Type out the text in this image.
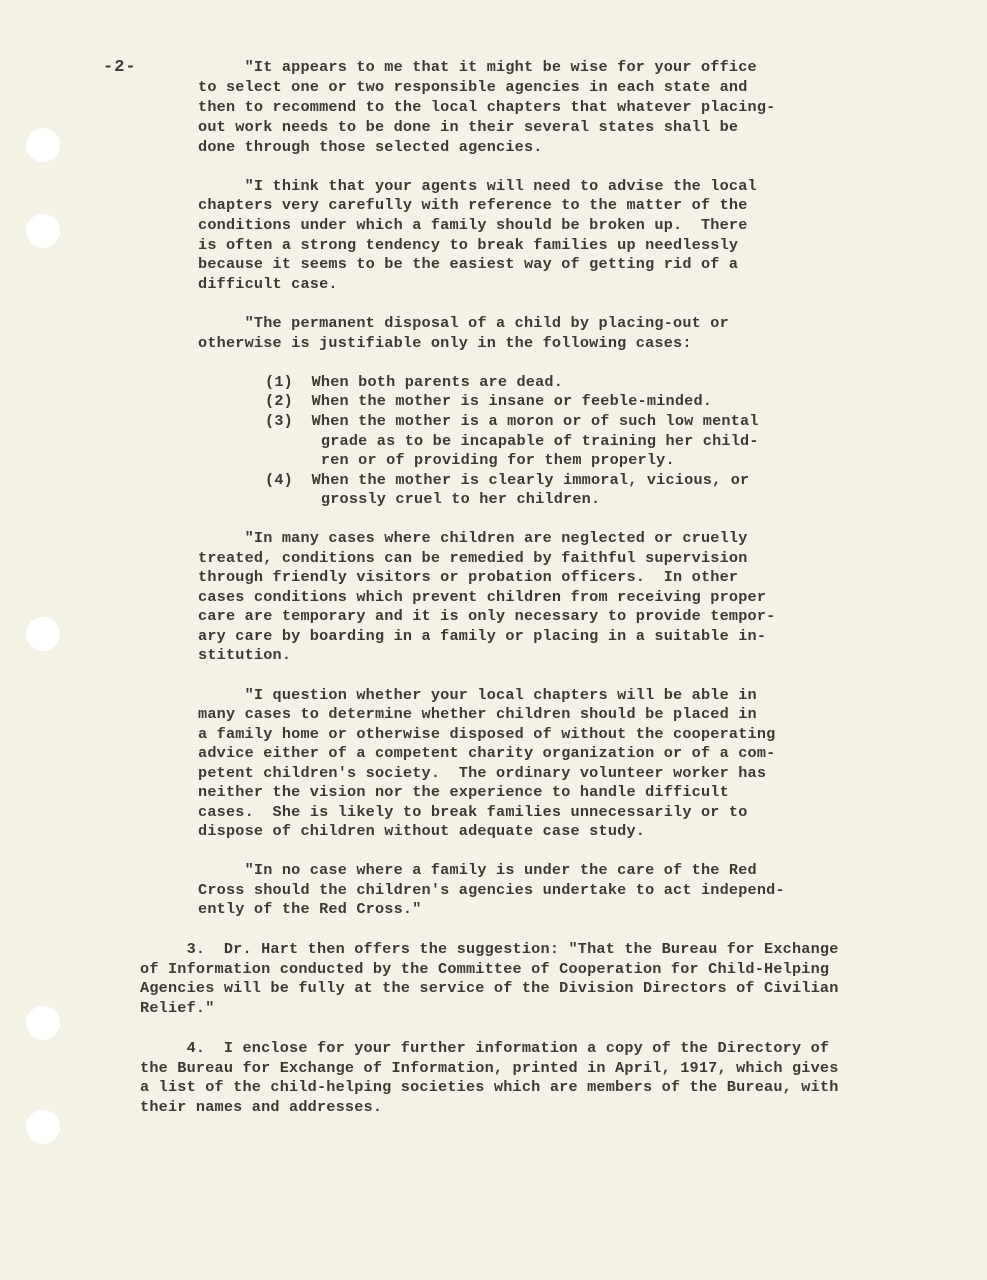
-2-	"It appears to me that it might be wise for your office
to select one or two responsible agencies in each state and
then to recommend to the local chapters that whatever placing-
out work needs to be done in their several states shall be
done through those selected agencies.
"I think that your agents will need to advise the local
chapters very carefully with reference to the matter of the
conditions under which a family should be broken up.  There
is often a strong tendency to break families up needlessly
because it seems to be the easiest way of getting rid of a
difficult case.
"The permanent disposal of a child by placing-out or
otherwise is justifiable only in the following cases:
(1)  When both parents are dead.
(2)  When the mother is insane or feeble-minded.
(3)  When the mother is a moron or of such low mental
grade as to be incapable of training her child-
ren or of providing for them properly.
(4)  When the mother is clearly immoral, vicious, or
grossly cruel to her children.
"In many cases where children are neglected or cruelly
treated, conditions can be remedied by faithful supervision
through friendly visitors or probation officers.  In other
cases conditions which prevent children from receiving proper
care are temporary and it is only necessary to provide tempor-
ary care by boarding in a family or placing in a suitable in-
stitution.
"I question whether your local chapters will be able in
many cases to determine whether children should be placed in
a family home or otherwise disposed of without the cooperating
advice either of a competent charity organization or of a com-
petent children's society.  The ordinary volunteer worker has
neither the vision nor the experience to handle difficult
cases.  She is likely to break families unnecessarily or to
dispose of children without adequate case study.
"In no case where a family is under the care of the Red
Cross should the children's agencies undertake to act independ-
ently of the Red Cross."
3.  Dr. Hart then offers the suggestion: "That the Bureau for Exchange
of Information conducted by the Committee of Cooperation for Child-Helping
Agencies will be fully at the service of the Division Directors of Civilian
Relief."
4.  I enclose for your further information a copy of the Directory of
the Bureau for Exchange of Information, printed in April, 1917, which gives
a list of the child-helping societies which are members of the Bureau, with
their names and addresses.
